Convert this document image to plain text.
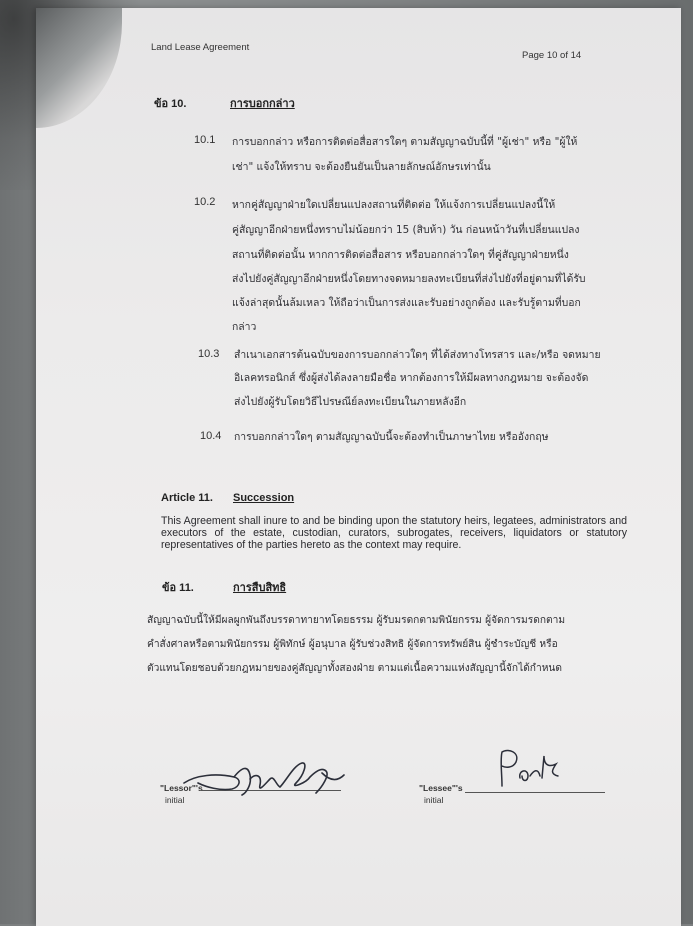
Land Lease Agreement
Page 10 of 14
ข้อ 10.	การบอกกล่าว
10.1 การบอกกล่าว หรือการติดต่อสื่อสารใดๆ ตามสัญญาฉบับนี้ที่ "ผู้เช่า" หรือ "ผู้ให้
เช่า" แจ้งให้ทราบ จะต้องยืนยันเป็นลายลักษณ์อักษรเท่านั้น
10.2 หากคู่สัญญาฝ่ายใดเปลี่ยนแปลงสถานที่ติดต่อ ให้แจ้งการเปลี่ยนแปลงนี้ให้
คู่สัญญาอีกฝ่ายหนึ่งทราบไม่น้อยกว่า 15 (สิบห้า) วัน ก่อนหน้าวันที่เปลี่ยนแปลง
สถานที่ติดต่อนั้น หากการติดต่อสื่อสาร หรือบอกกล่าวใดๆ ที่คู่สัญญาฝ่ายหนึ่ง
ส่งไปยังคู่สัญญาอีกฝ่ายหนึ่งโดยทางจดหมายลงทะเบียนที่ส่งไปยังที่อยู่ตามที่ได้รับ
แจ้งล่าสุดนั้นล้มเหลว ให้ถือว่าเป็นการส่งและรับอย่างถูกต้อง และรับรู้ตามที่บอก
กล่าว
10.3 สำเนาเอกสารต้นฉบับของการบอกกล่าวใดๆ ที่ได้ส่งทางโทรสาร และ/หรือ จดหมาย
อิเลคทรอนิกส์ ซึ่งผู้ส่งได้ลงลายมือชื่อ หากต้องการให้มีผลทางกฎหมาย จะต้องจัด
ส่งไปยังผู้รับโดยวิธีไปรษณีย์ลงทะเบียนในภายหลังอีก
10.4 การบอกกล่าวใดๆ ตามสัญญาฉบับนี้จะต้องทำเป็นภาษาไทย หรืออังกฤษ
Article 11. Succession
This Agreement shall inure to and be binding upon the statutory heirs, legatees, administrators and executors of the estate, custodian, curators, subrogates, receivers, liquidators or statutory representatives of the parties hereto as the context may require.
ข้อ 11.	การสืบสิทธิ
สัญญาฉบับนี้ให้มีผลผูกพันถึงบรรดาทายาทโดยธรรม ผู้รับมรดกตามพินัยกรรม ผู้จัดการมรดกตาม
คำสั่งศาลหรือตามพินัยกรรม ผู้พิทักษ์ ผู้อนุบาล ผู้รับช่วงสิทธิ ผู้จัดการทรัพย์สิน ผู้ชำระบัญชี หรือ
ตัวแทนโดยชอบด้วยกฎหมายของคู่สัญญาทั้งสองฝ่าย ตามแต่เนื้อความแห่งสัญญานี้จักได้กำหนด
"Lessor"'s
initial
"Lessee"'s
initial
